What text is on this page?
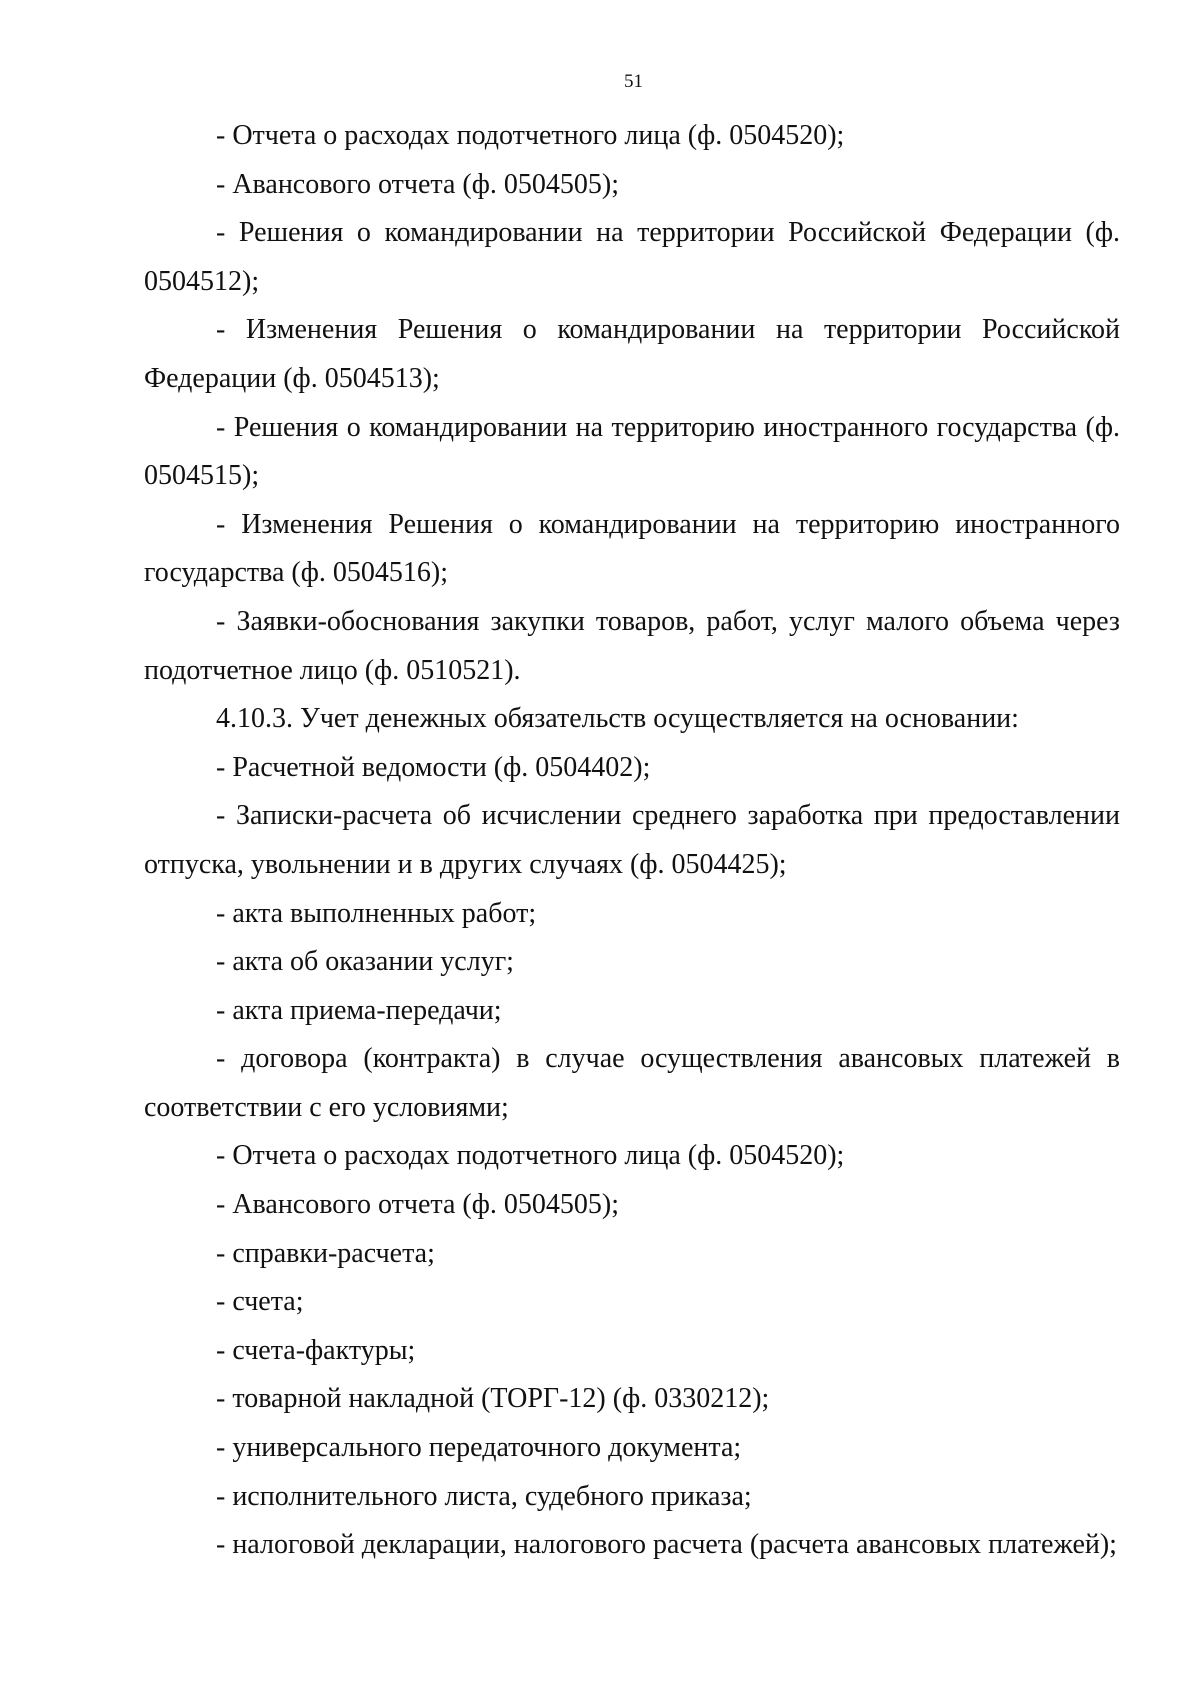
51

- Отчета о расходах подотчетного лица (ф. 0504520);

- Авансового отчета (ф. 0504505);

- Решения о командировании на территории Российской Федерации (ф. 0504512);

- Изменения Решения о командировании на территории Российской Федерации (ф. 0504513);

- Решения о командировании на территорию иностранного государства (ф. 0504515);

- Изменения Решения о командировании на территорию иностранного государства (ф. 0504516);

- Заявки-обоснования закупки товаров, работ, услуг малого объема через подотчетное лицо (ф. 0510521).

4.10.3. Учет денежных обязательств осуществляется на основании:

- Расчетной ведомости (ф. 0504402);

- Записки-расчета об исчислении среднего заработка при предоставлении отпуска, увольнении и в других случаях (ф. 0504425);

- акта выполненных работ;

- акта об оказании услуг;

- акта приема-передачи;

- договора (контракта) в случае осуществления авансовых платежей в соответствии с его условиями;

- Отчета о расходах подотчетного лица (ф. 0504520);

- Авансового отчета (ф. 0504505);

- справки-расчета;

- счета;

- счета-фактуры;

- товарной накладной (ТОРГ-12) (ф. 0330212);

- универсального передаточного документа;

- исполнительного листа, судебного приказа;

- налоговой декларации, налогового расчета (расчета авансовых платежей);
